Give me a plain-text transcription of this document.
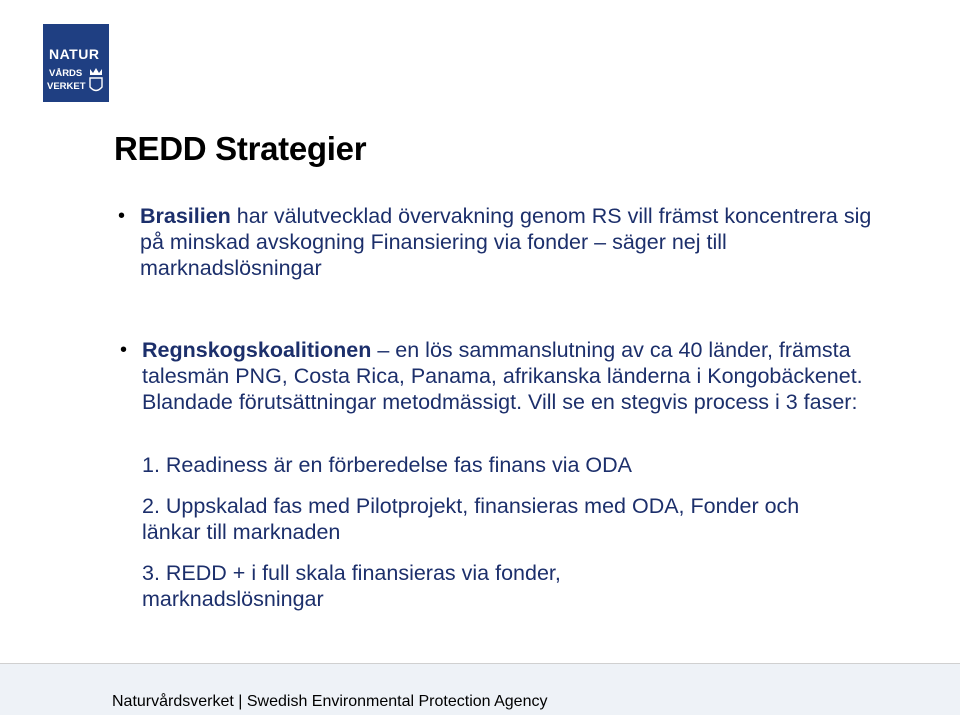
NATUR
VÅRDS
VERKET
REDD Strategier

• Brasilien har välutvecklad övervakning genom RS vill främst koncentrera sig på minskad avskogning Finansiering via fonder – säger nej till marknadslösningar

• Regnskogskoalitionen – en lös sammanslutning av ca 40 länder, främsta talesmän PNG, Costa Rica, Panama, afrikanska länderna i Kongobäckenet. Blandade förutsättningar metodmässigt. Vill se en stegvis process i 3 faser:

1. Readiness är en förberedelse fas finans via ODA
2. Uppskalad fas med Pilotprojekt, finansieras med ODA, Fonder och länkar till marknaden
3. REDD + i full skala finansieras via fonder, marknadslösningar
Naturvårdsverket | Swedish Environmental Protection Agency
